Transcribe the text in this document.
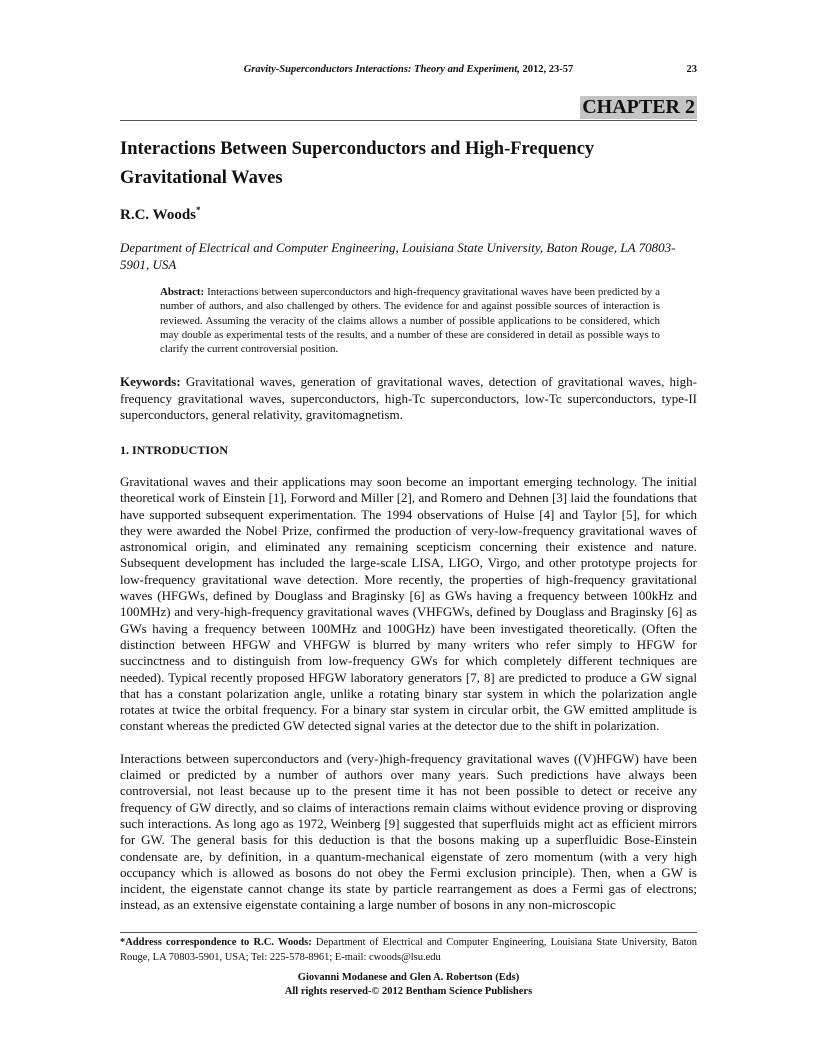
Gravity-Superconductors Interactions: Theory and Experiment, 2012, 23-57	23
CHAPTER 2
Interactions Between Superconductors and High-Frequency Gravitational Waves
R.C. Woods*
Department of Electrical and Computer Engineering, Louisiana State University, Baton Rouge, LA 70803-5901, USA
Abstract: Interactions between superconductors and high-frequency gravitational waves have been predicted by a number of authors, and also challenged by others. The evidence for and against possible sources of interaction is reviewed. Assuming the veracity of the claims allows a number of possible applications to be considered, which may double as experimental tests of the results, and a number of these are considered in detail as possible ways to clarify the current controversial position.
Keywords: Gravitational waves, generation of gravitational waves, detection of gravitational waves, high-frequency gravitational waves, superconductors, high-Tc superconductors, low-Tc superconductors, type-II superconductors, general relativity, gravitomagnetism.
1. INTRODUCTION

Gravitational waves and their applications may soon become an important emerging technology. The initial theoretical work of Einstein [1], Forword and Miller [2], and Romero and Dehnen [3] laid the foundations that have supported subsequent experimentation. The 1994 observations of Hulse [4] and Taylor [5], for which they were awarded the Nobel Prize, confirmed the production of very-low-frequency gravitational waves of astronomical origin, and eliminated any remaining scepticism concerning their existence and nature. Subsequent development has included the large-scale LISA, LIGO, Virgo, and other prototype projects for low-frequency gravitational wave detection. More recently, the properties of high-frequency gravitational waves (HFGWs, defined by Douglass and Braginsky [6] as GWs having a frequency between 100kHz and 100MHz) and very-high-frequency gravitational waves (VHFGWs, defined by Douglass and Braginsky [6] as GWs having a frequency between 100MHz and 100GHz) have been investigated theoretically. (Often the distinction between HFGW and VHFGW is blurred by many writers who refer simply to HFGW for succinctness and to distinguish from low-frequency GWs for which completely different techniques are needed). Typical recently proposed HFGW laboratory generators [7, 8] are predicted to produce a GW signal that has a constant polarization angle, unlike a rotating binary star system in which the polarization angle rotates at twice the orbital frequency. For a binary star system in circular orbit, the GW emitted amplitude is constant whereas the predicted GW detected signal varies at the detector due to the shift in polarization.

Interactions between superconductors and (very-)high-frequency gravitational waves ((V)HFGW) have been claimed or predicted by a number of authors over many years. Such predictions have always been controversial, not least because up to the present time it has not been possible to detect or receive any frequency of GW directly, and so claims of interactions remain claims without evidence proving or disproving such interactions. As long ago as 1972, Weinberg [9] suggested that superfluids might act as efficient mirrors for GW. The general basis for this deduction is that the bosons making up a superfluidic Bose-Einstein condensate are, by definition, in a quantum-mechanical eigenstate of zero momentum (with a very high occupancy which is allowed as bosons do not obey the Fermi exclusion principle). Then, when a GW is incident, the eigenstate cannot change its state by particle rearrangement as does a Fermi gas of electrons; instead, as an extensive eigenstate containing a large number of bosons in any non-microscopic

*Address correspondence to R.C. Woods: Department of Electrical and Computer Engineering, Louisiana State University, Baton Rouge, LA 70803-5901, USA; Tel: 225-578-8961; E-mail: cwoods@lsu.edu
Giovanni Modanese and Glen A. Robertson (Eds)
All rights reserved-© 2012 Bentham Science Publishers
